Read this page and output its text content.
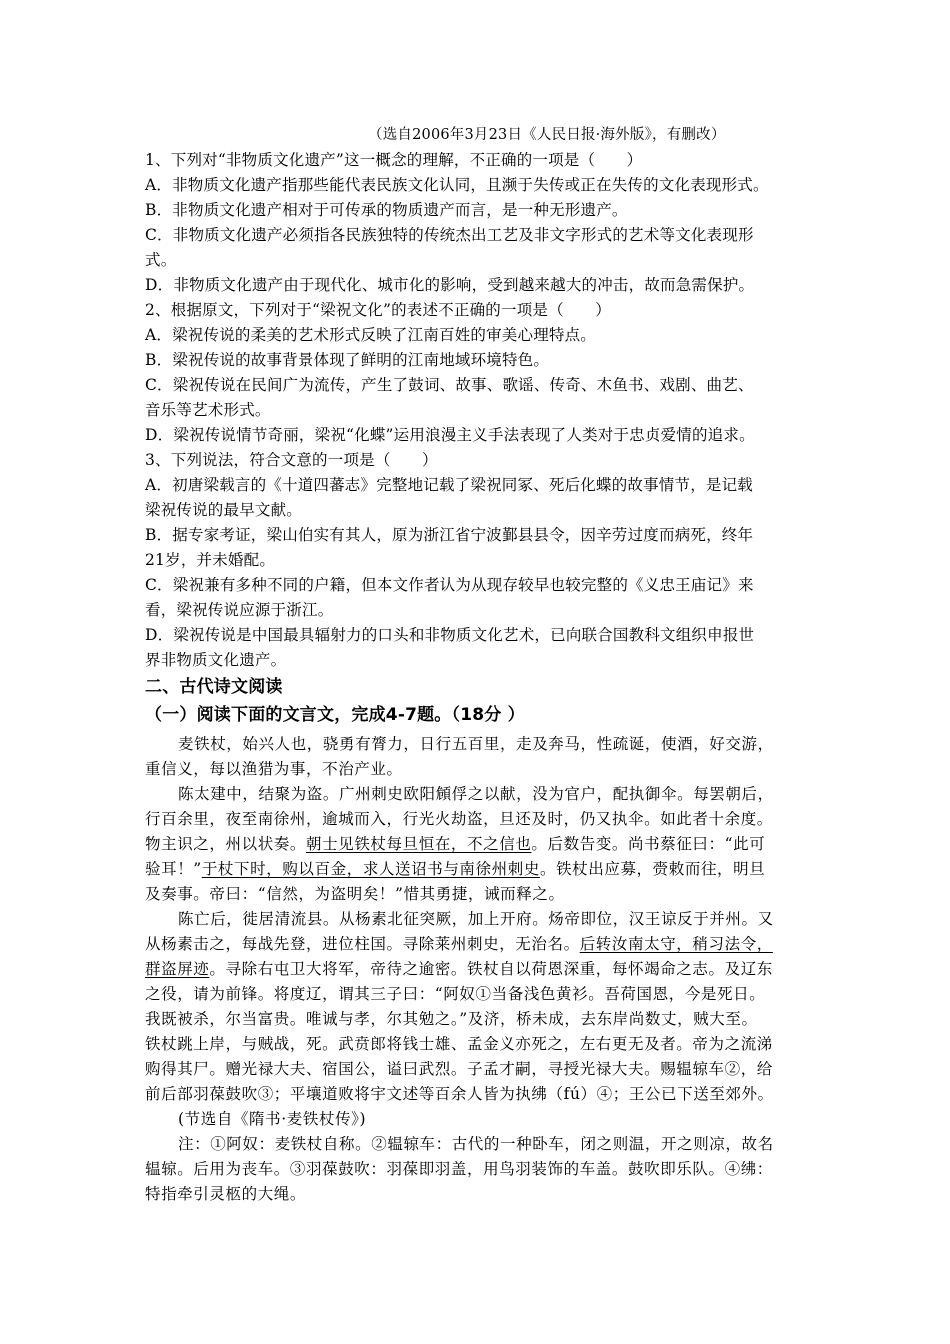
（选自2006年3月23日《人民日报·海外版》，有删改）
1、下列对“非物质文化遗产”这一概念的理解，不正确的一项是（　　）
A．非物质文化遗产指那些能代表民族文化认同，且濒于失传或正在失传的文化表现形式。
B．非物质文化遗产相对于可传承的物质遗产而言，是一种无形遗产。
C．非物质文化遗产必须指各民族独特的传统杰出工艺及非文字形式的艺术等文化表现形
式。
D．非物质文化遗产由于现代化、城市化的影响，受到越来越大的冲击，故而急需保护。
2、根据原文，下列对于“梁祝文化”的表述不正确的一项是（　　）
A．梁祝传说的柔美的艺术形式反映了江南百姓的审美心理特点。
B．梁祝传说的故事背景体现了鲜明的江南地域环境特色。
C．梁祝传说在民间广为流传，产生了鼓词、故事、歌谣、传奇、木鱼书、戏剧、曲艺、
音乐等艺术形式。
D．梁祝传说情节奇丽，梁祝“化蝶”运用浪漫主义手法表现了人类对于忠贞爱情的追求。
3、下列说法，符合文意的一项是（　　）
A．初唐梁载言的《十道四蕃志》完整地记载了梁祝同冢、死后化蝶的故事情节，是记载
梁祝传说的最早文献。
B．据专家考证，梁山伯实有其人，原为浙江省宁波鄞县县令，因辛劳过度而病死，终年
21岁，并未婚配。
C．梁祝兼有多种不同的户籍，但本文作者认为从现存较早也较完整的《义忠王庙记》来
看，梁祝传说应源于浙江。
D．梁祝传说是中国最具辐射力的口头和非物质文化艺术，已向联合国教科文组织申报世
界非物质文化遗产。
二、古代诗文阅读
（一）阅读下面的文言文，完成4-7题。（18分 ）
麦铁杖，始兴人也，骁勇有膂力，日行五百里，走及奔马，性疏诞，使酒，好交游，
重信义，每以渔猎为事，不治产业。
陈太建中，结聚为盗。广州刺史欧阳頠俘之以献，没为官户，配执御伞。每罢朝后，
行百余里，夜至南徐州，逾城而入，行光火劫盗，旦还及时，仍又执伞。如此者十余度。
物主识之，州以状奏。朝士见铁杖每旦恒在，不之信也。后数告变。尚书蔡征曰：“此可
验耳！”于杖下时，购以百金，求人送诏书与南徐州刺史。铁杖出应募，赍敕而往，明旦
及奏事。帝曰：“信然，为盗明矣！”惜其勇捷，诫而释之。
陈亡后，徙居清流县。从杨素北征突厥，加上开府。炀帝即位，汉王谅反于并州。又
从杨素击之，每战先登，进位柱国。寻除莱州刺史，无治名。后转汝南太守，稍习法令，
群盗屏迹。寻除右屯卫大将军，帝待之逾密。铁杖自以荷恩深重，每怀竭命之志。及辽东
之役，请为前锋。将度辽，谓其三子曰：“阿奴①当备浅色黄衫。吾荷国恩，今是死日。
我既被杀，尔当富贵。唯诚与孝，尔其勉之。”及济，桥未成，去东岸尚数丈，贼大至。
铁杖跳上岸，与贼战，死。武贲郎将钱士雄、孟金义亦死之，左右更无及者。帝为之流涕
购得其尸。赠光禄大夫、宿国公，谥曰武烈。子孟才嗣，寻授光禄大夫。赐辒辌车②，给
前后部羽葆鼓吹③；平壤道败将宇文述等百余人皆为执绋（fú）④；王公已下送至郊外。
(节选自《隋书·麦铁杖传》)
注：①阿奴：麦铁杖自称。②辒辌车：古代的一种卧车，闭之则温，开之则凉，故名
辒辌。后用为丧车。③羽葆鼓吹：羽葆即羽盖，用鸟羽装饰的车盖。鼓吹即乐队。④绋：
特指牵引灵柩的大绳。
